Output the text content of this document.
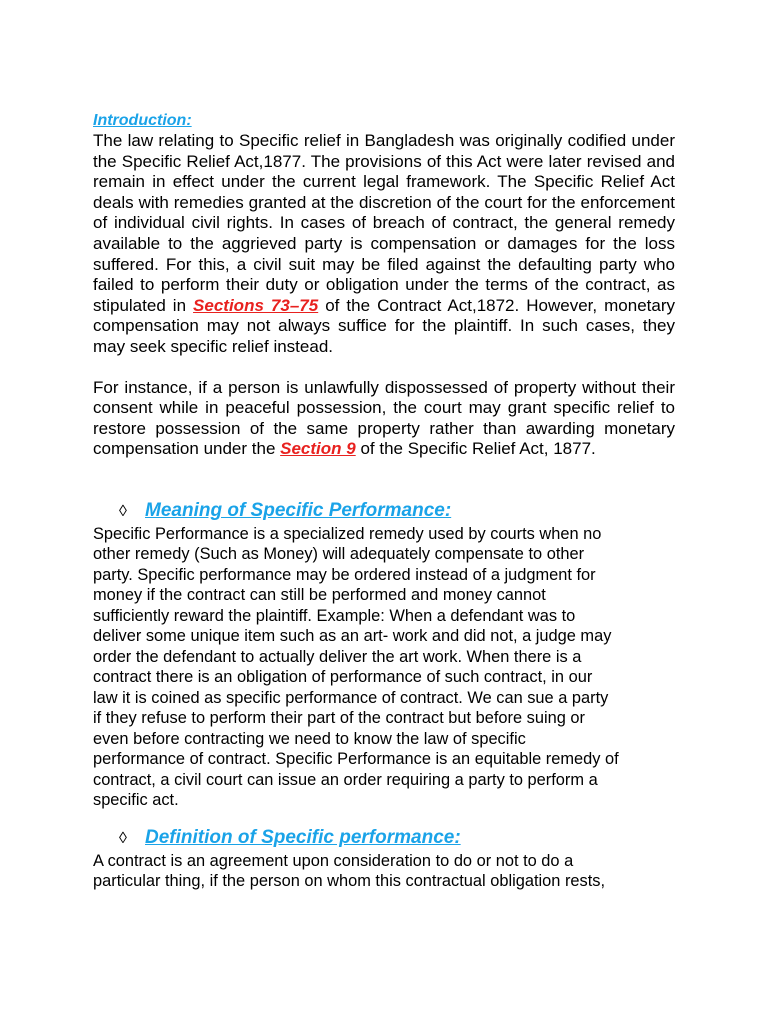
Introduction:

The law relating to Specific relief in Bangladesh was originally codified under the Specific Relief Act,1877. The provisions of this Act were later revised and remain in effect under the current legal framework. The Specific Relief Act deals with remedies granted at the discretion of the court for the enforcement of individual civil rights. In cases of breach of contract, the general remedy available to the aggrieved party is compensation or damages for the loss suffered. For this, a civil suit may be filed against the defaulting party who failed to perform their duty or obligation under the terms of the contract, as stipulated in Sections 73–75 of the Contract Act,1872. However, monetary compensation may not always suffice for the plaintiff. In such cases, they may seek specific relief instead.

For instance, if a person is unlawfully dispossessed of property without their consent while in peaceful possession, the court may grant specific relief to restore possession of the same property rather than awarding monetary compensation under the Section 9 of the Specific Relief Act, 1877.

◊ Meaning of Specific Performance:

Specific Performance is a specialized remedy used by courts when no
other remedy (Such as Money) will adequately compensate to other
party. Specific performance may be ordered instead of a judgment for
money if the contract can still be performed and money cannot
sufficiently reward the plaintiff. Example: When a defendant was to
deliver some unique item such as an art- work and did not, a judge may
order the defendant to actually deliver the art work. When there is a
contract there is an obligation of performance of such contract, in our
law it is coined as specific performance of contract. We can sue a party
if they refuse to perform their part of the contract but before suing or
even before contracting we need to know the law of specific
performance of contract. Specific Performance is an equitable remedy of
contract, a civil court can issue an order requiring a party to perform a
specific act.

◊ Definition of Specific performance:

A contract is an agreement upon consideration to do or not to do a
particular thing, if the person on whom this contractual obligation rests,
